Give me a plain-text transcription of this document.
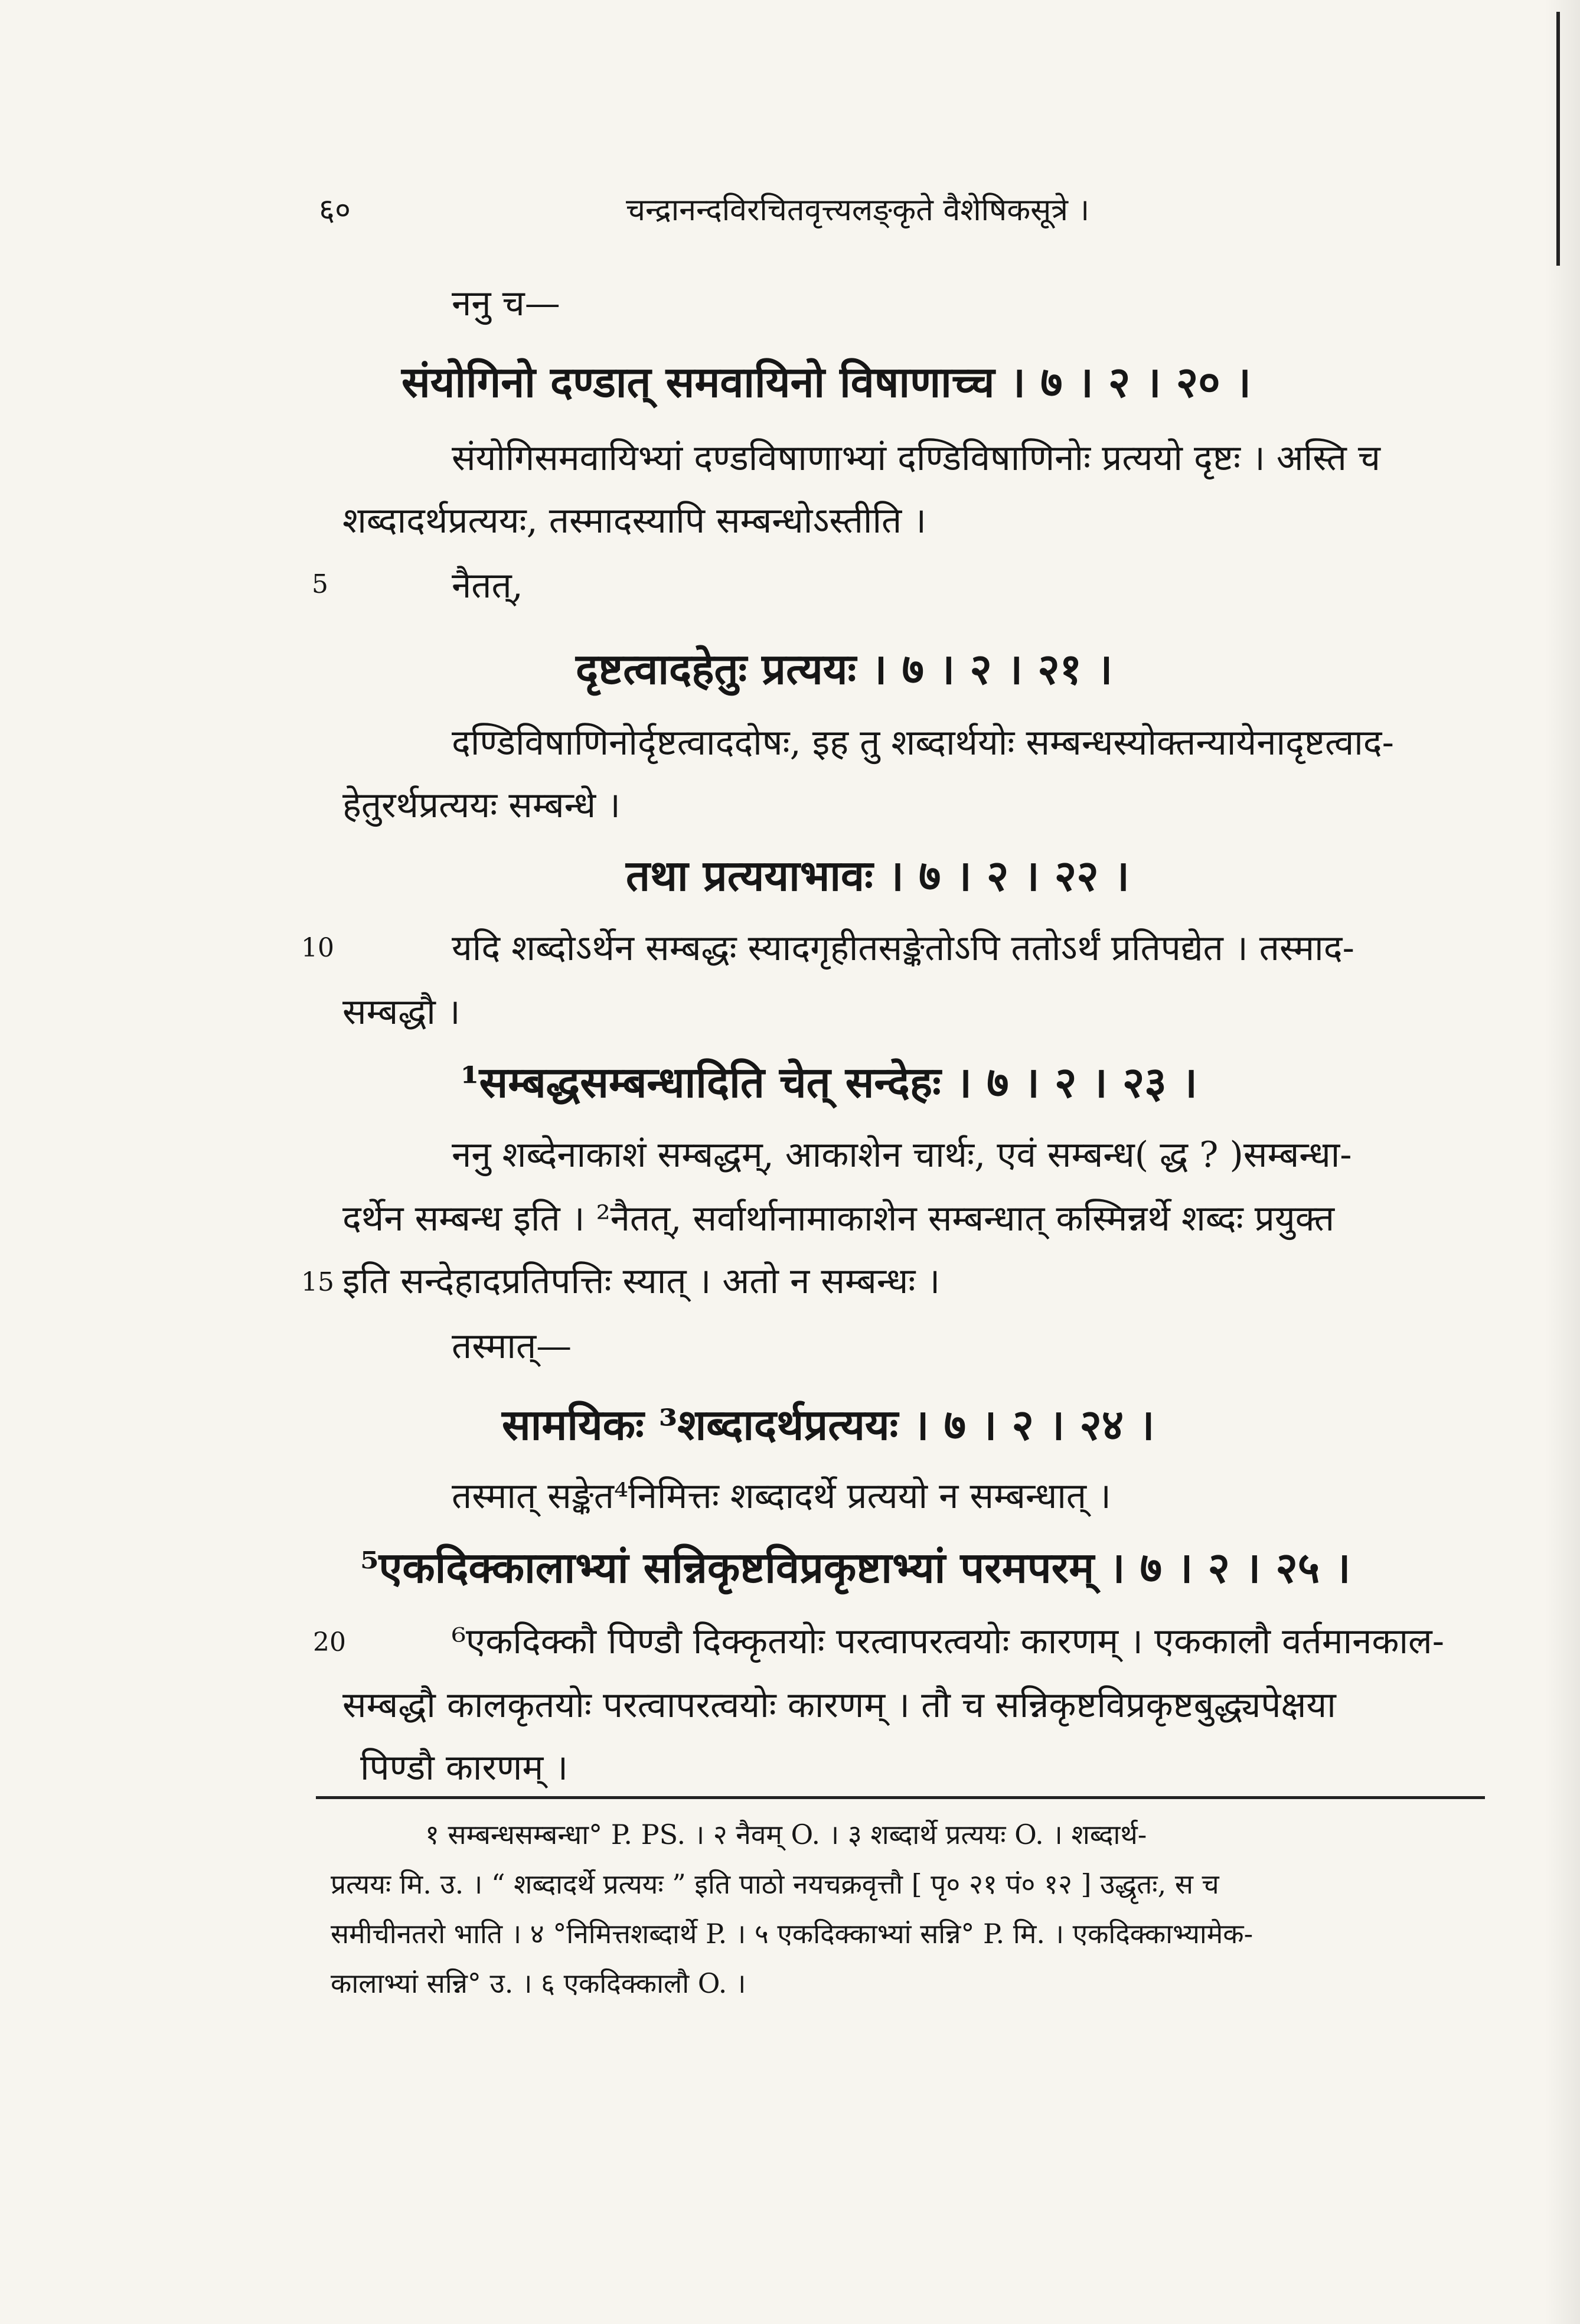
६०	चन्द्रानन्दविरचितवृत्त्यलङ्कृते वैशेषिकसूत्रे ।
ननु च—
संयोगिनो दण्डात् समवायिनो विषाणाच्च । ७ । २ । २० ।
संयोगिसमवायिभ्यां दण्डविषाणाभ्यां दण्डिविषाणिनोः प्रत्ययो दृष्टः । अस्ति च
शब्दादर्थप्रत्ययः, तस्मादस्यापि सम्बन्धोऽस्तीति ।
नैतत्,
दृष्टत्वादहेतुः प्रत्ययः । ७ । २ । २१ ।
दण्डिविषाणिनोर्दृष्टत्वाददोषः, इह तु शब्दार्थयोः सम्बन्धस्योक्तन्यायेनादृष्टत्वाद-
हेतुरर्थप्रत्ययः सम्बन्धे ।
तथा प्रत्ययाभावः । ७ । २ । २२ ।
यदि शब्दोऽर्थेन सम्बद्धः स्यादगृहीतसङ्केतोऽपि ततोऽर्थं प्रतिपद्येत । तस्माद-
सम्बद्धौ ।
¹सम्बद्धसम्बन्धादिति चेत् सन्देहः । ७ । २ । २३ ।
ननु शब्देनाकाशं सम्बद्धम्, आकाशेन चार्थः, एवं सम्बन्ध( द्ध ? )सम्बन्धा-
दर्थेन सम्बन्ध इति । ²नैतत्, सर्वार्थानामाकाशेन सम्बन्धात् कस्मिन्नर्थे शब्दः प्रयुक्त
इति सन्देहादप्रतिपत्तिः स्यात् । अतो न सम्बन्धः ।
तस्मात्—
सामयिकः ³शब्दादर्थप्रत्ययः । ७ । २ । २४ ।
तस्मात् सङ्केत⁴निमित्तः शब्दादर्थे प्रत्ययो न सम्बन्धात् ।
⁵एकदिक्कालाभ्यां सन्निकृष्टविप्रकृष्टाभ्यां परमपरम् । ७ । २ । २५ ।
⁶एकदिक्कौ पिण्डौ दिक्कृतयोः परत्वापरत्वयोः कारणम् । एककालौ वर्तमानकाल-
सम्बद्धौ कालकृतयोः परत्वापरत्वयोः कारणम् । तौ च सन्निकृष्टविप्रकृष्टबुद्ध्यपेक्षया
पिण्डौ कारणम् ।
5
10
15
20
१ सम्बन्धसम्बन्धा° P. PS. । २ नैवम् O. । ३ शब्दार्थे प्रत्ययः O. । शब्दार्थ-
प्रत्ययः मि. उ. । “ शब्दादर्थे प्रत्ययः ” इति पाठो नयचक्रवृत्तौ [ पृ० २१ पं० १२ ] उद्धृतः, स च
समीचीनतरो भाति । ४ °निमित्तशब्दार्थे P. । ५ एकदिक्काभ्यां सन्नि° P. मि. । एकदिक्काभ्यामेक-
कालाभ्यां सन्नि° उ. । ६ एकदिक्कालौ O. ।
